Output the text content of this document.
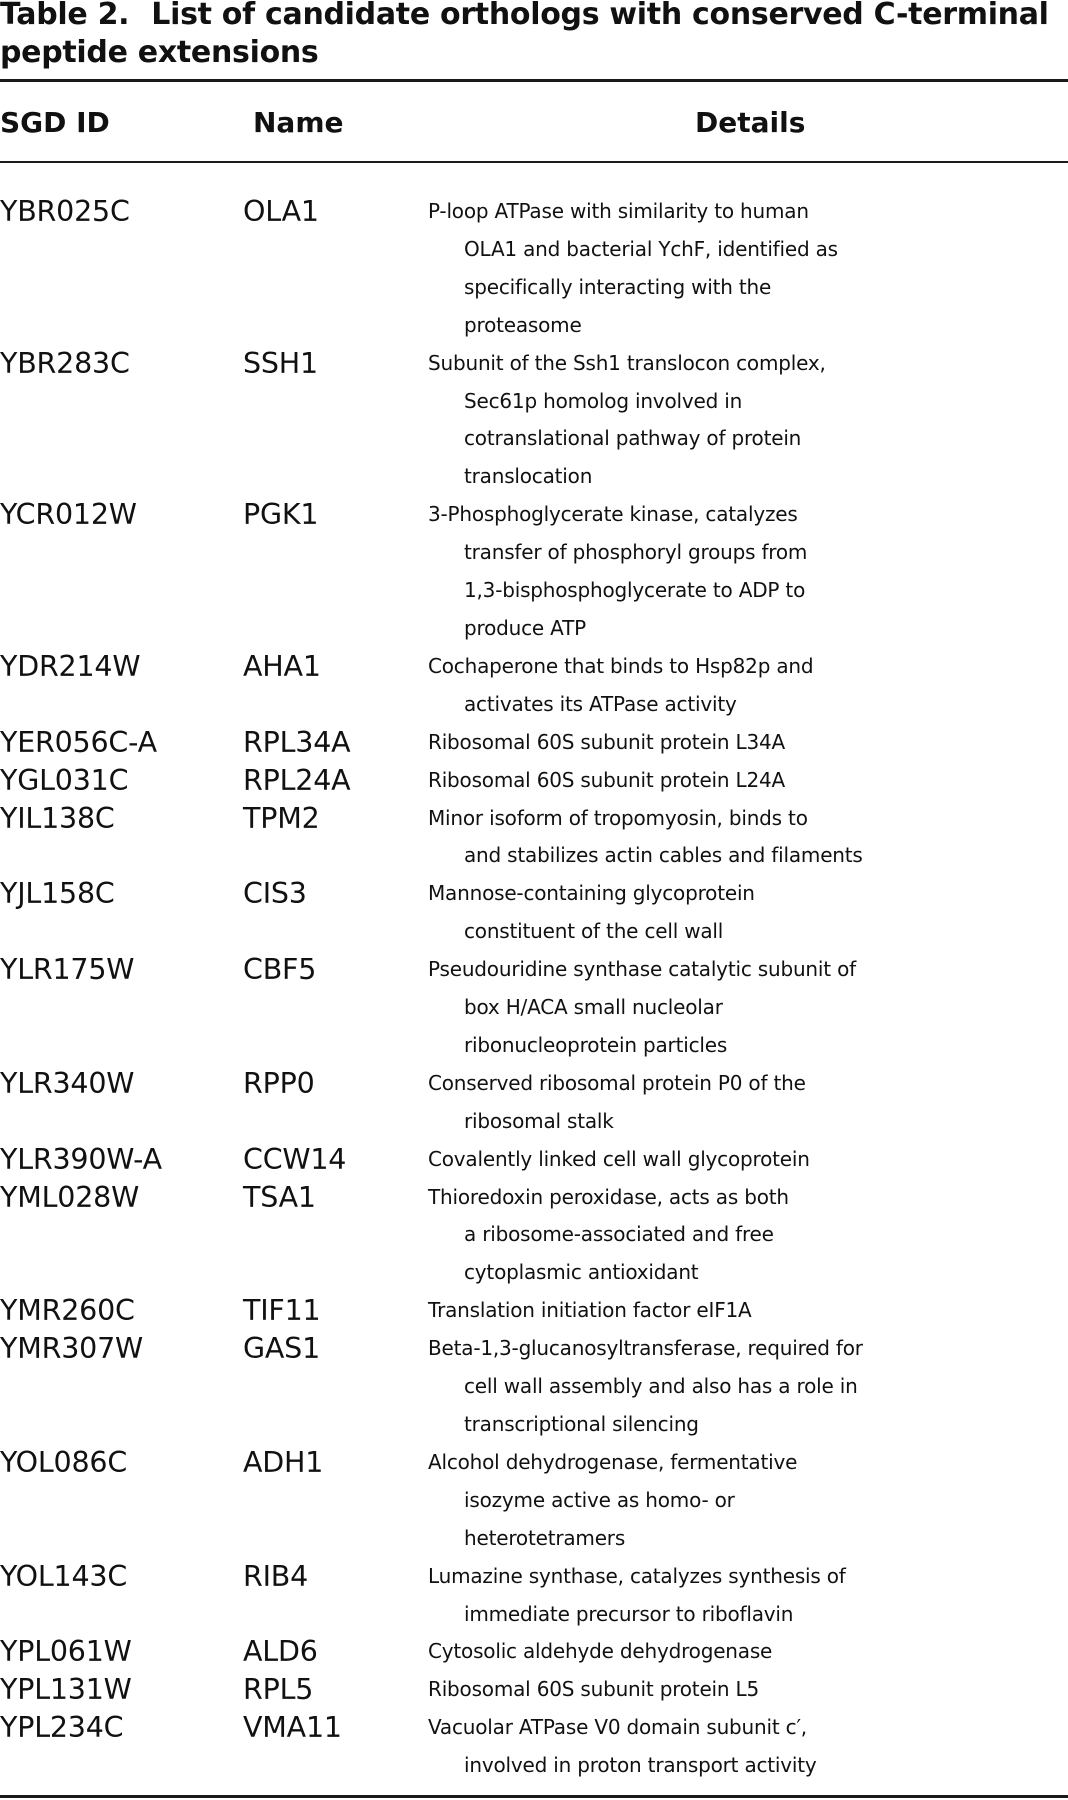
Table 2. List of candidate orthologs with conserved C-terminal
peptide extensions
SGD ID	Name	Details
YBR025C	OLA1	P-loop ATPase with similarity to human
OLA1 and bacterial YchF, identified as
specifically interacting with the
proteasome
YBR283C	SSH1	Subunit of the Ssh1 translocon complex,
Sec61p homolog involved in
cotranslational pathway of protein
translocation
YCR012W	PGK1	3-Phosphoglycerate kinase, catalyzes
transfer of phosphoryl groups from
1,3-bisphosphoglycerate to ADP to
produce ATP
YDR214W	AHA1	Cochaperone that binds to Hsp82p and
activates its ATPase activity
YER056C-A	RPL34A	Ribosomal 60S subunit protein L34A
YGL031C	RPL24A	Ribosomal 60S subunit protein L24A
YIL138C	TPM2	Minor isoform of tropomyosin, binds to
and stabilizes actin cables and filaments
YJL158C	CIS3	Mannose-containing glycoprotein
constituent of the cell wall
YLR175W	CBF5	Pseudouridine synthase catalytic subunit of
box H/ACA small nucleolar
ribonucleoprotein particles
YLR340W	RPP0	Conserved ribosomal protein P0 of the
ribosomal stalk
YLR390W-A	CCW14	Covalently linked cell wall glycoprotein
YML028W	TSA1	Thioredoxin peroxidase, acts as both
a ribosome-associated and free
cytoplasmic antioxidant
YMR260C	TIF11	Translation initiation factor eIF1A
YMR307W	GAS1	Beta-1,3-glucanosyltransferase, required for
cell wall assembly and also has a role in
transcriptional silencing
YOL086C	ADH1	Alcohol dehydrogenase, fermentative
isozyme active as homo- or
heterotetramers
YOL143C	RIB4	Lumazine synthase, catalyzes synthesis of
immediate precursor to riboflavin
YPL061W	ALD6	Cytosolic aldehyde dehydrogenase
YPL131W	RPL5	Ribosomal 60S subunit protein L5
YPL234C	VMA11	Vacuolar ATPase V0 domain subunit c′,
involved in proton transport activity
